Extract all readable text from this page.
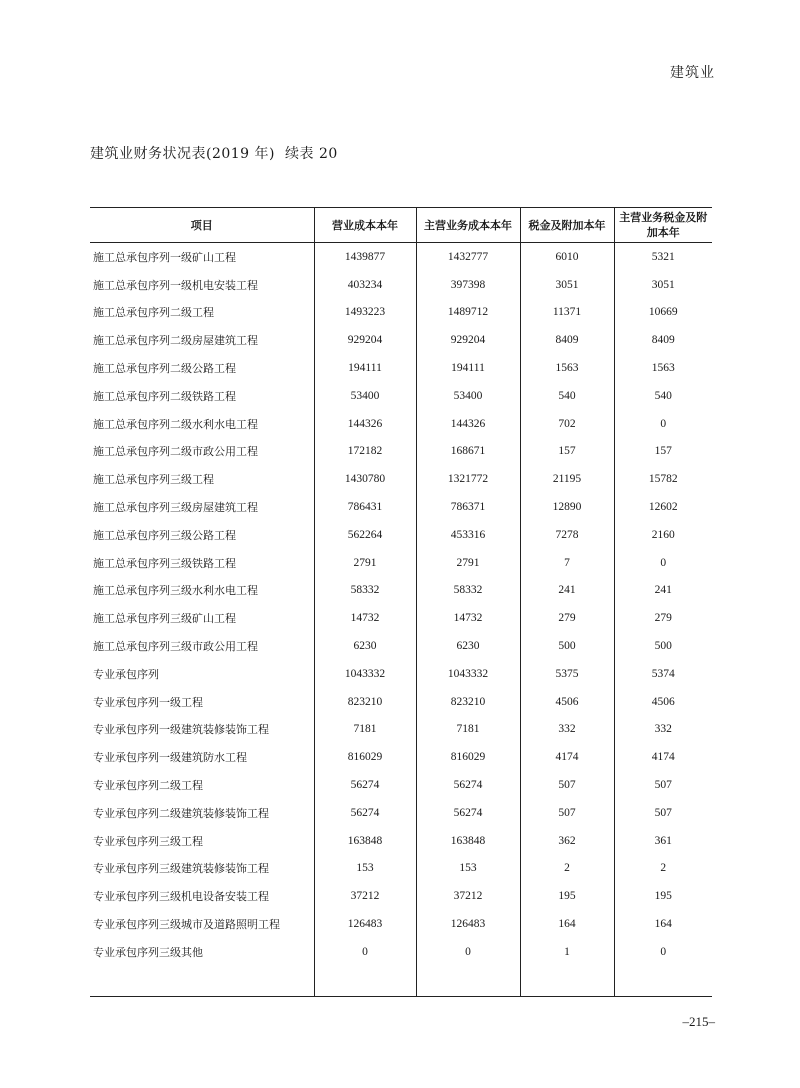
建筑业
建筑业财务状况表(2019 年) 续表 20
项目	营业成本本年	主营业务成本本年	税金及附加本年	主营业务税金及附加本年
施工总承包序列一级矿山工程	1439877	1432777	6010	5321
施工总承包序列一级机电安装工程	403234	397398	3051	3051
施工总承包序列二级工程	1493223	1489712	11371	10669
施工总承包序列二级房屋建筑工程	929204	929204	8409	8409
施工总承包序列二级公路工程	194111	194111	1563	1563
施工总承包序列二级铁路工程	53400	53400	540	540
施工总承包序列二级水利水电工程	144326	144326	702	0
施工总承包序列二级市政公用工程	172182	168671	157	157
施工总承包序列三级工程	1430780	1321772	21195	15782
施工总承包序列三级房屋建筑工程	786431	786371	12890	12602
施工总承包序列三级公路工程	562264	453316	7278	2160
施工总承包序列三级铁路工程	2791	2791	7	0
施工总承包序列三级水利水电工程	58332	58332	241	241
施工总承包序列三级矿山工程	14732	14732	279	279
施工总承包序列三级市政公用工程	6230	6230	500	500
专业承包序列	1043332	1043332	5375	5374
专业承包序列一级工程	823210	823210	4506	4506
专业承包序列一级建筑装修装饰工程	7181	7181	332	332
专业承包序列一级建筑防水工程	816029	816029	4174	4174
专业承包序列二级工程	56274	56274	507	507
专业承包序列二级建筑装修装饰工程	56274	56274	507	507
专业承包序列三级工程	163848	163848	362	361
专业承包序列三级建筑装修装饰工程	153	153	2	2
专业承包序列三级机电设备安装工程	37212	37212	195	195
专业承包序列三级城市及道路照明工程	126483	126483	164	164
专业承包序列三级其他	0	0	1	0

–215–
